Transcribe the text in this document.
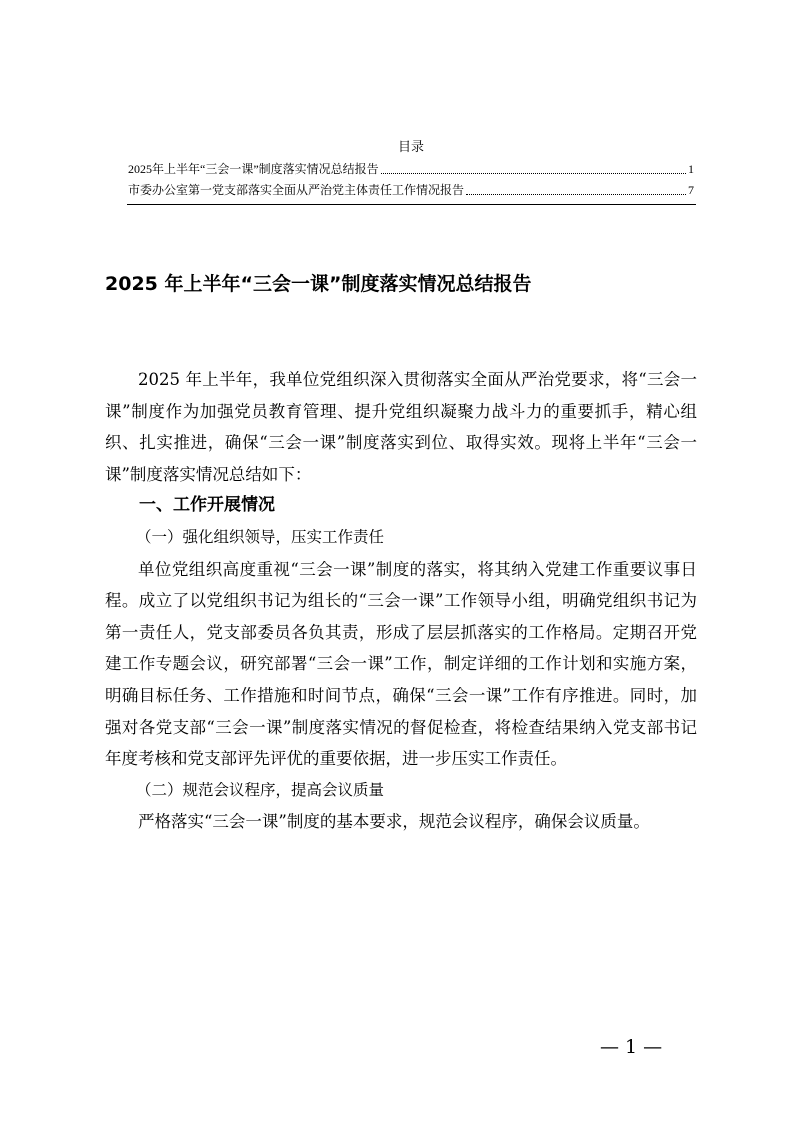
目录
2025年上半年“三会一课”制度落实情况总结报告	1
市委办公室第一党支部落实全面从严治党主体责任工作情况报告	7
2025 年上半年“三会一课”制度落实情况总结报告

2025 年上半年，我单位党组织深入贯彻落实全面从严治党要求，将“三会一课”制度作为加强党员教育管理、提升党组织凝聚力战斗力的重要抓手，精心组织、扎实推进，确保“三会一课”制度落实到位、取得实效。现将上半年“三会一课”制度落实情况总结如下：

一、工作开展情况

（一）强化组织领导，压实工作责任

单位党组织高度重视“三会一课”制度的落实，将其纳入党建工作重要议事日程。成立了以党组织书记为组长的“三会一课”工作领导小组，明确党组织书记为第一责任人，党支部委员各负其责，形成了层层抓落实的工作格局。定期召开党建工作专题会议，研究部署“三会一课”工作，制定详细的工作计划和实施方案，明确目标任务、工作措施和时间节点，确保“三会一课”工作有序推进。同时，加强对各党支部“三会一课”制度落实情况的督促检查，将检查结果纳入党支部书记年度考核和党支部评先评优的重要依据，进一步压实工作责任。

（二）规范会议程序，提高会议质量

严格落实“三会一课”制度的基本要求，规范会议程序，确保会议质量。

— 1 —
